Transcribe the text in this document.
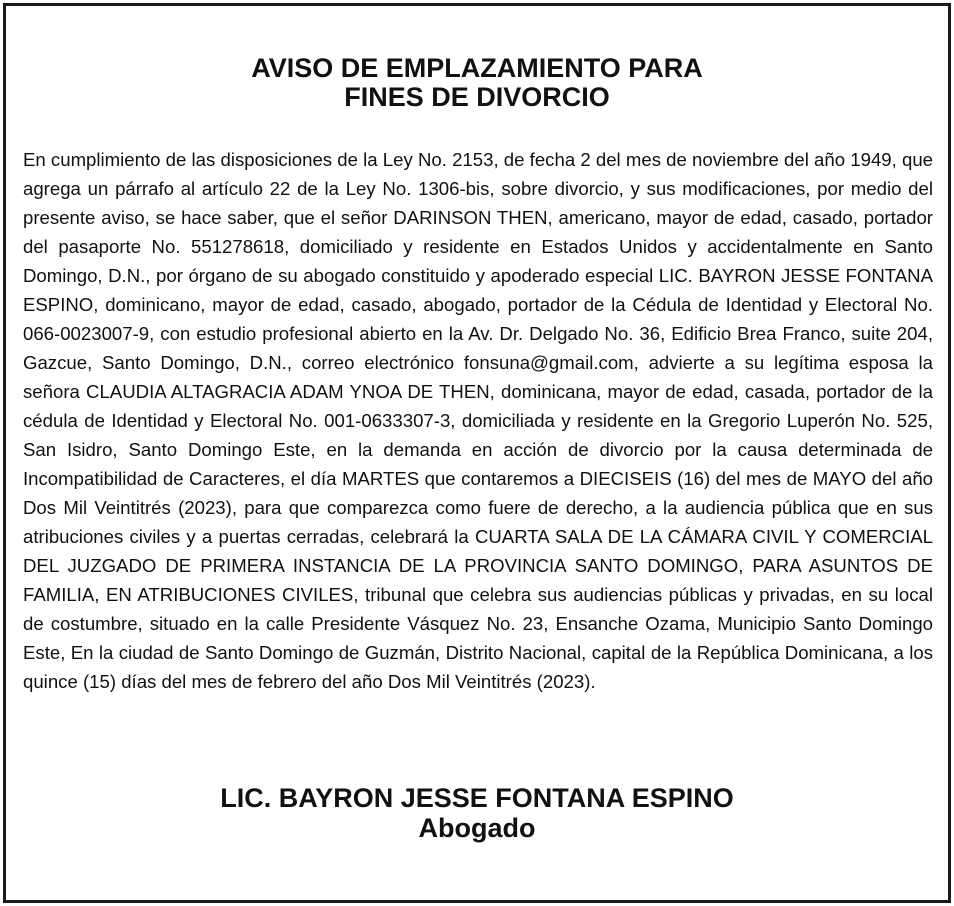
AVISO DE EMPLAZAMIENTO PARA
FINES DE DIVORCIO

En cumplimiento de las disposiciones de la Ley No. 2153, de fecha 2 del mes de noviembre del año 1949, que agrega un párrafo al artículo 22 de la Ley No. 1306-bis, sobre divorcio, y sus modificaciones, por medio del presente aviso, se hace saber, que el señor DARINSON THEN, americano, mayor de edad, casado, portador del pasaporte No. 551278618, domiciliado y residente en Estados Unidos y accidentalmente en Santo Domingo, D.N., por órgano de su abogado constituido y apoderado especial LIC. BAYRON JESSE FONTANA ESPINO, dominicano, mayor de edad, casado, abogado, portador de la Cédula de Identidad y Electoral No. 066-0023007-9, con estudio profesional abierto en la Av. Dr. Delgado No. 36, Edificio Brea Franco, suite 204, Gazcue, Santo Domingo, D.N., correo electrónico fonsuna@gmail.com, advierte a su legítima esposa la señora CLAUDIA ALTAGRACIA ADAM YNOA DE THEN, dominicana, mayor de edad, casada, portador de la cédula de Identidad y Electoral No. 001-0633307-3, domiciliada y residente en la Gregorio Luperón No. 525, San Isidro, Santo Domingo Este, en la demanda en acción de divorcio por la causa determinada de Incompatibilidad de Caracteres, el día MARTES que contaremos a DIECISEIS (16) del mes de MAYO del año Dos Mil Veintitrés (2023), para que comparezca como fuere de derecho, a la audiencia pública que en sus atribuciones civiles y a puertas cerradas, celebrará la CUARTA SALA DE LA CÁMARA CIVIL Y COMERCIAL DEL JUZGADO DE PRIMERA INSTANCIA DE LA PROVINCIA SANTO DOMINGO, PARA ASUNTOS DE FAMILIA, EN ATRIBUCIONES CIVILES, tribunal que celebra sus audiencias públicas y privadas, en su local de costumbre, situado en la calle Presidente Vásquez No. 23, Ensanche Ozama, Municipio Santo Domingo Este, En la ciudad de Santo Domingo de Guzmán, Distrito Nacional, capital de la República Dominicana, a los quince (15) días del mes de febrero del año Dos Mil Veintitrés (2023).

LIC. BAYRON JESSE FONTANA ESPINO
Abogado
